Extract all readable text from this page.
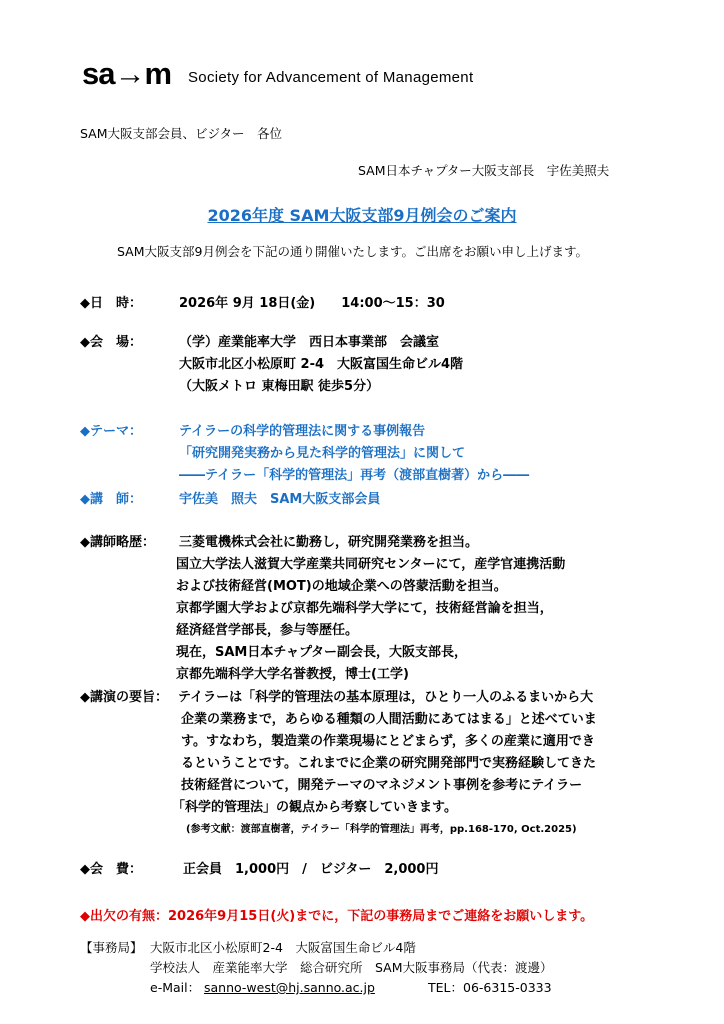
sa→m Society for Advancement of Management
SAM大阪支部会員、ビジター　各位
SAM日本チャプター大阪支部長　宇佐美照夫
2026年度 SAM大阪支部9月例会のご案内
SAM大阪支部9月例会を下記の通り開催いたします。ご出席をお願い申し上げます。
◆日　時：	2026年 9月 18日(金)　　14:00～15：30
◆会　場：	（学）産業能率大学　西日本事業部　会議室
大阪市北区小松原町 2-4　大阪富国生命ビル4階
（大阪メトロ 東梅田駅 徒歩5分）
◆テーマ：	テイラーの科学的管理法に関する事例報告
「研究開発実務から見た科学的管理法」に関して
――テイラー「科学的管理法」再考（渡部直樹著）から――
◆講　師：	宇佐美　照夫　SAM大阪支部会員
◆講師略歴： 三菱電機株式会社に勤務し，研究開発業務を担当。
国立大学法人滋賀大学産業共同研究センターにて，産学官連携活動
および技術経営(MOT)の地域企業への啓蒙活動を担当。
京都学園大学および京都先端科学大学にて，技術経営論を担当，
経済経営学部長，参与等歴任。
現在，SAM日本チャプター副会長，大阪支部長，
京都先端科学大学名誉教授，博士(工学)
◆講演の要旨： テイラーは「科学的管理法の基本原理は，ひとり一人のふるまいから大
企業の業務まで，あらゆる種類の人間活動にあてはまる」と述べていま
す。すなわち，製造業の作業現場にとどまらず，多くの産業に適用でき
るということです。これまでに企業の研究開発部門で実務経験してきた
技術経営について，開発テーマのマネジメント事例を参考にテイラー
「科学的管理法」の観点から考察していきます。
(参考文献：渡部直樹著，テイラー「科学的管理法」再考，pp.168-170, Oct.2025)
◆会　費：	正会員　1,000円　/　ビジター　2,000円
◆出欠の有無：2026年9月15日(火)までに，下記の事務局までご連絡をお願いします。
【事務局】 大阪市北区小松原町2-4　大阪富国生命ビル4階
学校法人　産業能率大学　総合研究所　SAM大阪事務局（代表：渡邊）
e-Mail： sanno-west@hj.sanno.ac.jp	TEL：06-6315-0333
